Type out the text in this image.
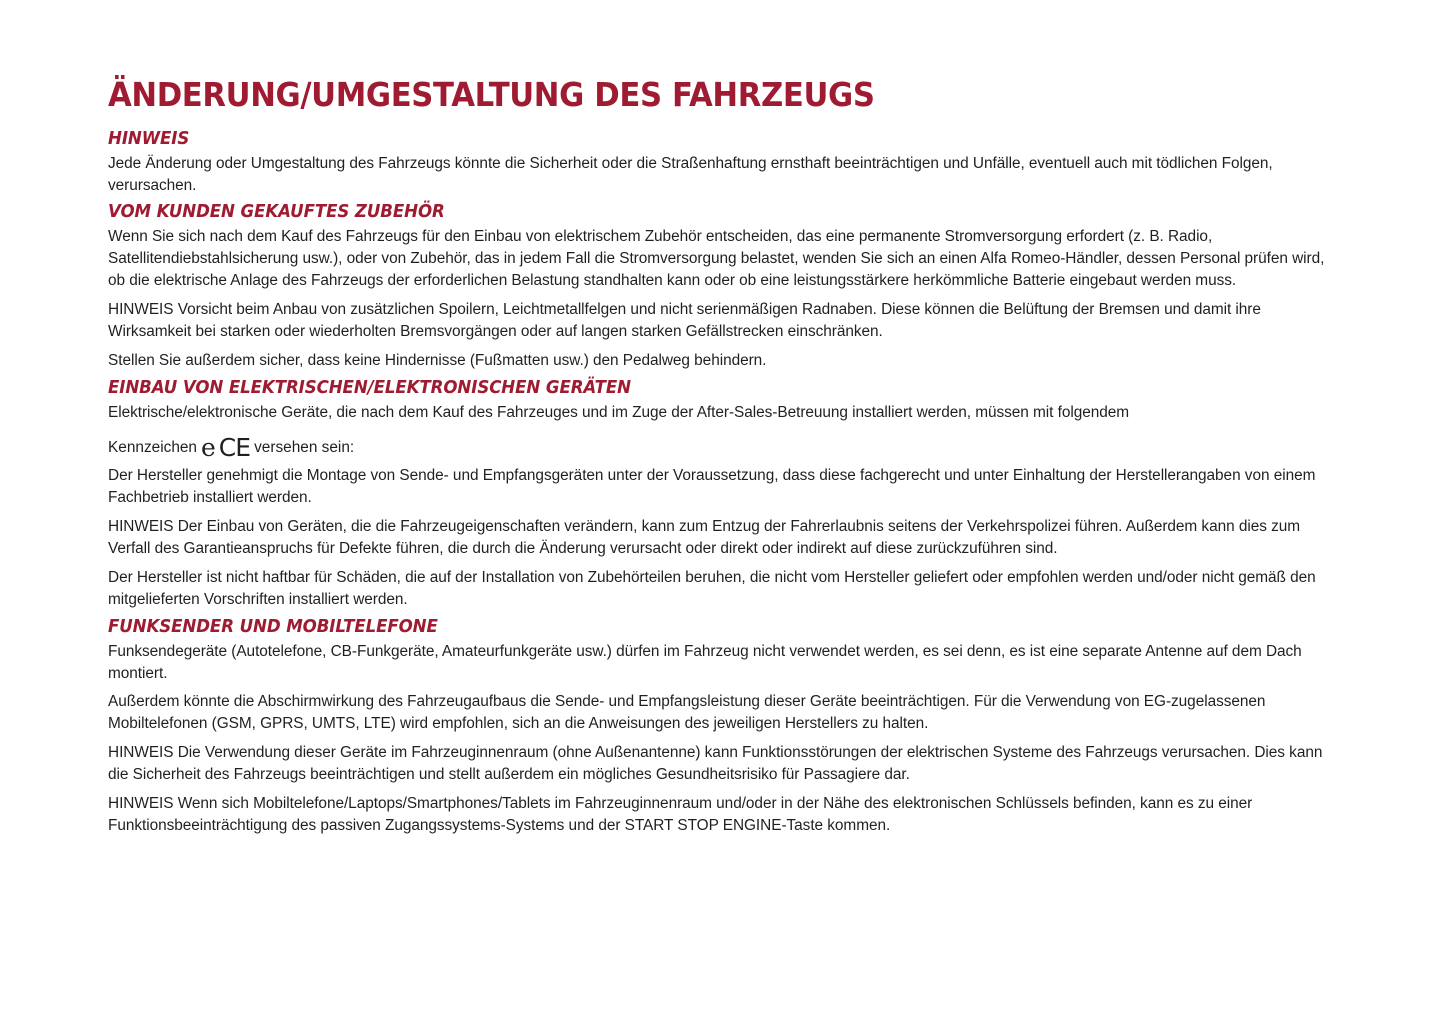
ÄNDERUNG/UMGESTALTUNG DES FAHRZEUGS
HINWEIS

Jede Änderung oder Umgestaltung des Fahrzeugs könnte die Sicherheit oder die Straßenhaftung ernsthaft beeinträchtigen und Unfälle, eventuell auch mit tödlichen Folgen, verursachen.

VOM KUNDEN GEKAUFTES ZUBEHÖR

Wenn Sie sich nach dem Kauf des Fahrzeugs für den Einbau von elektrischem Zubehör entscheiden, das eine permanente Stromversorgung erfordert (z. B. Radio, Satellitendiebstahlsicherung usw.), oder von Zubehör, das in jedem Fall die Stromversorgung belastet, wenden Sie sich an einen Alfa Romeo-Händler, dessen Personal prüfen wird, ob die elektrische Anlage des Fahrzeugs der erforderlichen Belastung standhalten kann oder ob eine leistungsstärkere herkömmliche Batterie eingebaut werden muss.

HINWEIS Vorsicht beim Anbau von zusätzlichen Spoilern, Leichtmetallfelgen und nicht serienmäßigen Radnaben. Diese können die Belüftung der Bremsen und damit ihre Wirksamkeit bei starken oder wiederholten Bremsvorgängen oder auf langen starken Gefällstrecken einschränken.

Stellen Sie außerdem sicher, dass keine Hindernisse (Fußmatten usw.) den Pedalweg behindern.

EINBAU VON ELEKTRISCHEN/ELEKTRONISCHEN GERÄTEN

Elektrische/elektronische Geräte, die nach dem Kauf des Fahrzeuges und im Zuge der After-Sales-Betreuung installiert werden, müssen mit folgendem

Kennzeichen e CE versehen sein:

Der Hersteller genehmigt die Montage von Sende- und Empfangsgeräten unter der Voraussetzung, dass diese fachgerecht und unter Einhaltung der Herstellerangaben von einem Fachbetrieb installiert werden.

HINWEIS Der Einbau von Geräten, die die Fahrzeugeigenschaften verändern, kann zum Entzug der Fahrerlaubnis seitens der Verkehrspolizei führen. Außerdem kann dies zum Verfall des Garantieanspruchs für Defekte führen, die durch die Änderung verursacht oder direkt oder indirekt auf diese zurückzuführen sind.

Der Hersteller ist nicht haftbar für Schäden, die auf der Installation von Zubehörteilen beruhen, die nicht vom Hersteller geliefert oder empfohlen werden und/oder nicht gemäß den mitgelieferten Vorschriften installiert werden.

FUNKSENDER UND MOBILTELEFONE

Funksendegeräte (Autotelefone, CB-Funkgeräte, Amateurfunkgeräte usw.) dürfen im Fahrzeug nicht verwendet werden, es sei denn, es ist eine separate Antenne auf dem Dach montiert.

Außerdem könnte die Abschirmwirkung des Fahrzeugaufbaus die Sende- und Empfangsleistung dieser Geräte beeinträchtigen. Für die Verwendung von EG-zugelassenen Mobiltelefonen (GSM, GPRS, UMTS, LTE) wird empfohlen, sich an die Anweisungen des jeweiligen Herstellers zu halten.

HINWEIS Die Verwendung dieser Geräte im Fahrzeuginnenraum (ohne Außenantenne) kann Funktionsstörungen der elektrischen Systeme des Fahrzeugs verursachen. Dies kann die Sicherheit des Fahrzeugs beeinträchtigen und stellt außerdem ein mögliches Gesundheitsrisiko für Passagiere dar.

HINWEIS Wenn sich Mobiltelefone/Laptops/Smartphones/Tablets im Fahrzeuginnenraum und/oder in der Nähe des elektronischen Schlüssels befinden, kann es zu einer Funktionsbeeinträchtigung des passiven Zugangssystems-Systems und der START STOP ENGINE-Taste kommen.
